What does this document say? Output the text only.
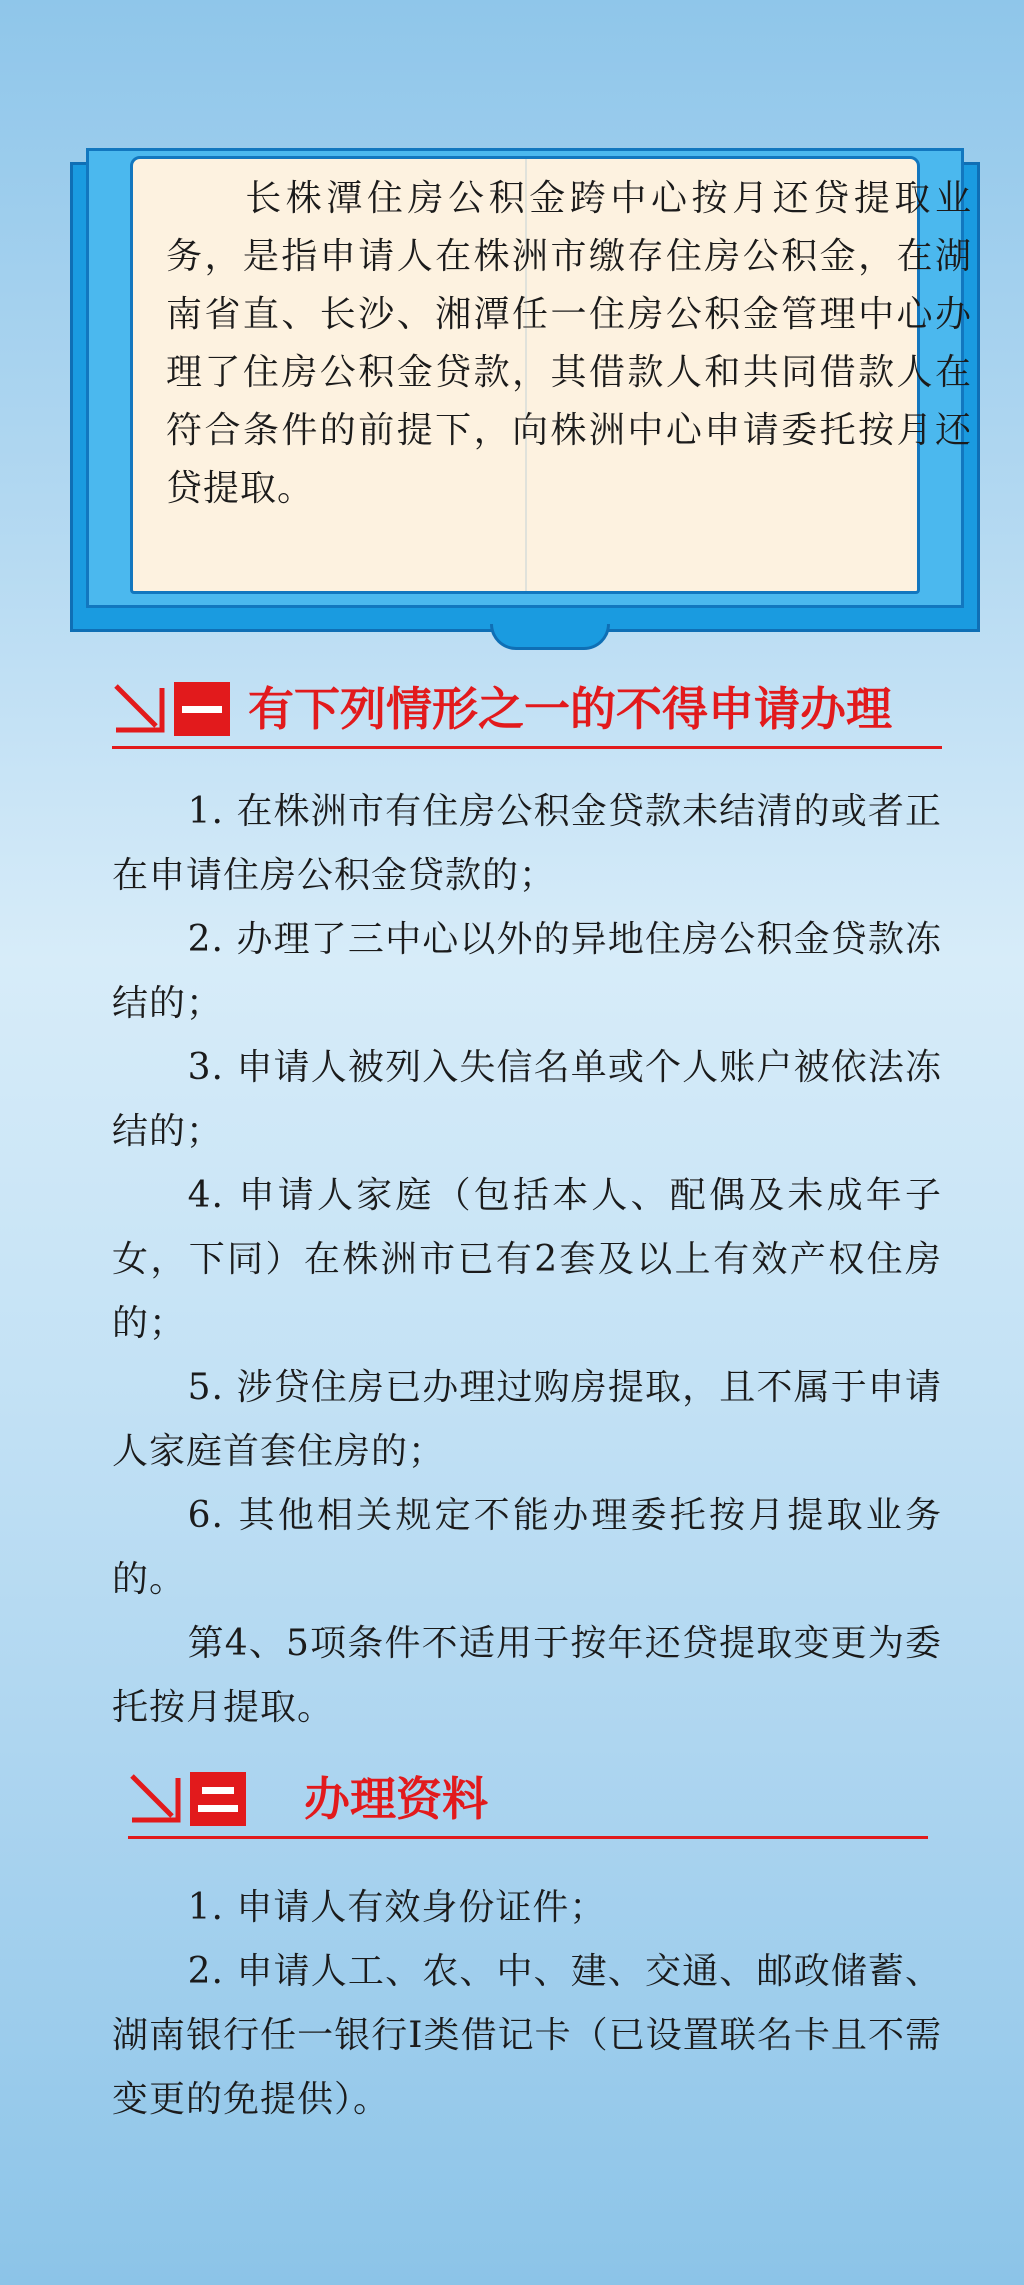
长株潭住房公积金跨中心按月还贷提取业务，是指申请人在株洲市缴存住房公积金，在湖南省直、长沙、湘潭任一住房公积金管理中心办理了住房公积金贷款，其借款人和共同借款人在符合条件的前提下，向株洲中心申请委托按月还贷提取。

有下列情形之一的不得申请办理

1. 在株洲市有住房公积金贷款未结清的或者正在申请住房公积金贷款的；

2. 办理了三中心以外的异地住房公积金贷款冻结的；

3. 申请人被列入失信名单或个人账户被依法冻结的；

4. 申请人家庭（包括本人、配偶及未成年子女，下同）在株洲市已有2套及以上有效产权住房的；

5. 涉贷住房已办理过购房提取，且不属于申请人家庭首套住房的；

6. 其他相关规定不能办理委托按月提取业务的。

第4、5项条件不适用于按年还贷提取变更为委托按月提取。

办理资料

1. 申请人有效身份证件；

2. 申请人工、农、中、建、交通、邮政储蓄、湖南银行任一银行Ⅰ类借记卡（已设置联名卡且不需变更的免提供）。
